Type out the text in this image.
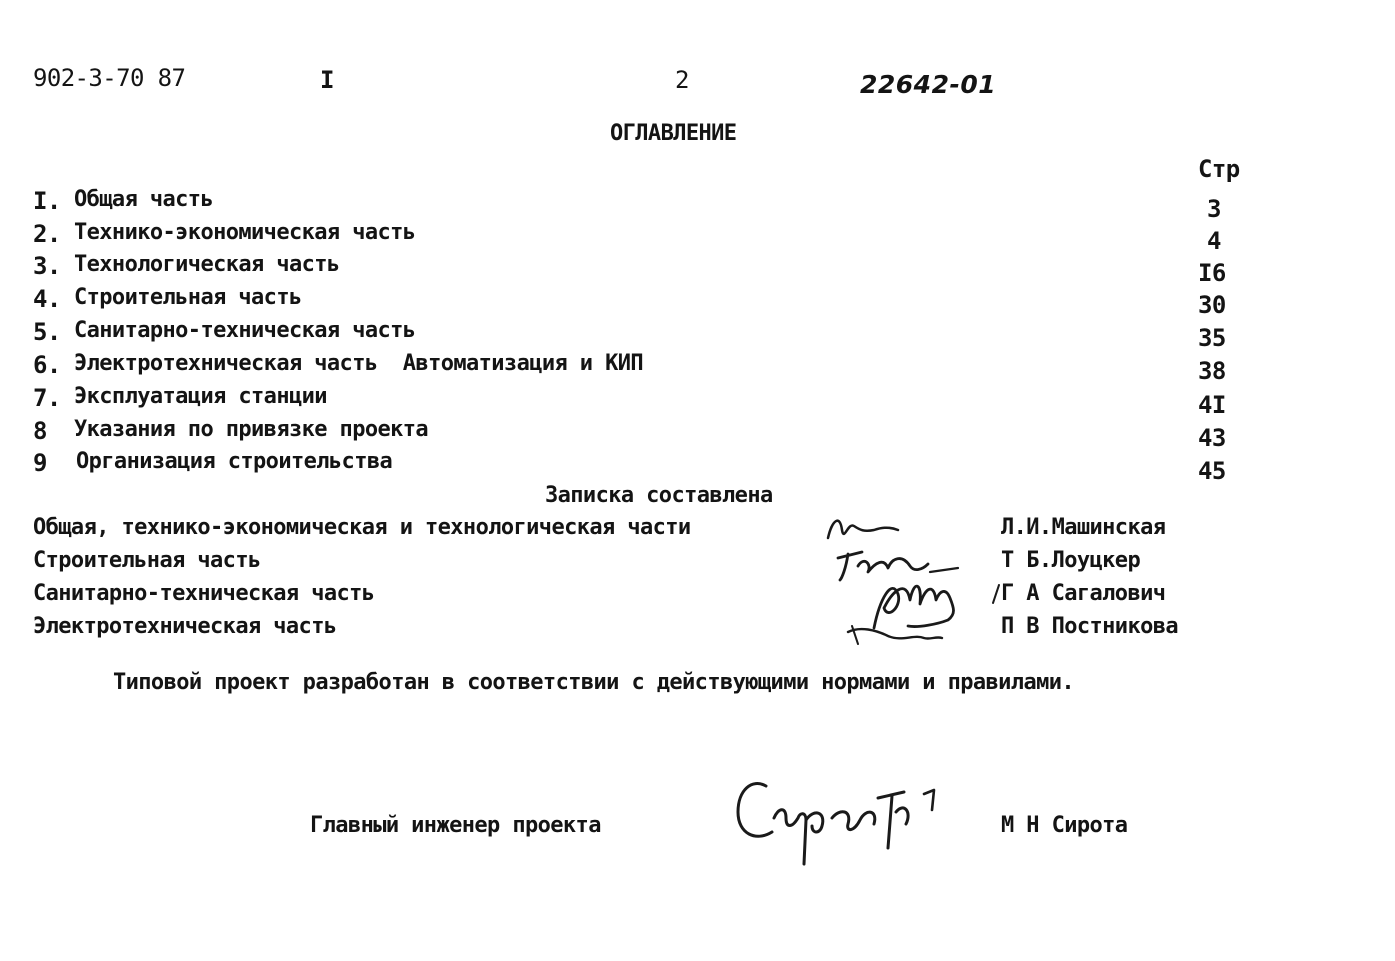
902-3-70 87	I	2	22642-01
ОГЛАВЛЕНИЕ
Стр
I. Общая часть	3
2. Технико-экономическая часть	4
3. Технологическая часть	I6
4. Строительная часть	30
5. Санитарно-техническая часть	35
6. Электротехническая часть  Автоматизация и КИП	38
7. Эксплуатация станции	4I
8 Указания по привязке проекта	43
9 Организация строительства	45
Записка составлена
Общая, технико-экономическая и технологическая части	Л.И.Машинская
Строительная часть	Т Б.Лоуцкер
Санитарно-техническая часть	Г А Сагалович
Электротехническая часть	П В Постникова
Типовой проект разработан в соответствии с действующими нормами и правилами.
Главный инженер проекта	М Н Сирота
